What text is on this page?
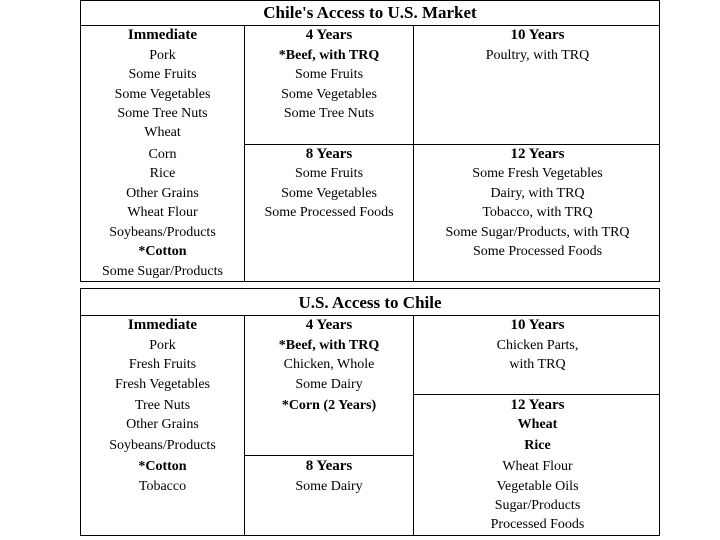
Chile's Access to U.S. Market
Immediate
Pork
Some Fruits
Some Vegetables
Some Tree Nuts
Wheat
Corn
Rice
Other Grains
Wheat Flour
Soybeans/Products
*Cotton
Some Sugar/Products
4 Years
*Beef, with TRQ
Some Fruits
Some Vegetables
Some Tree Nuts
8 Years
Some Fruits
Some Vegetables
Some Processed Foods
10 Years
Poultry, with TRQ
12 Years
Some Fresh Vegetables
Dairy, with TRQ
Tobacco, with TRQ
Some Sugar/Products, with TRQ
Some Processed Foods
U.S. Access to Chile
Immediate
Pork
Fresh Fruits
Fresh Vegetables
Tree Nuts
Other Grains
Soybeans/Products
*Cotton
Tobacco
4 Years
*Beef, with TRQ
Chicken, Whole
Some Dairy
*Corn (2 Years)
8 Years
Some Dairy
10 Years
Chicken Parts,
with TRQ
12 Years
Wheat
Rice
Wheat Flour
Vegetable Oils
Sugar/Products
Processed Foods
